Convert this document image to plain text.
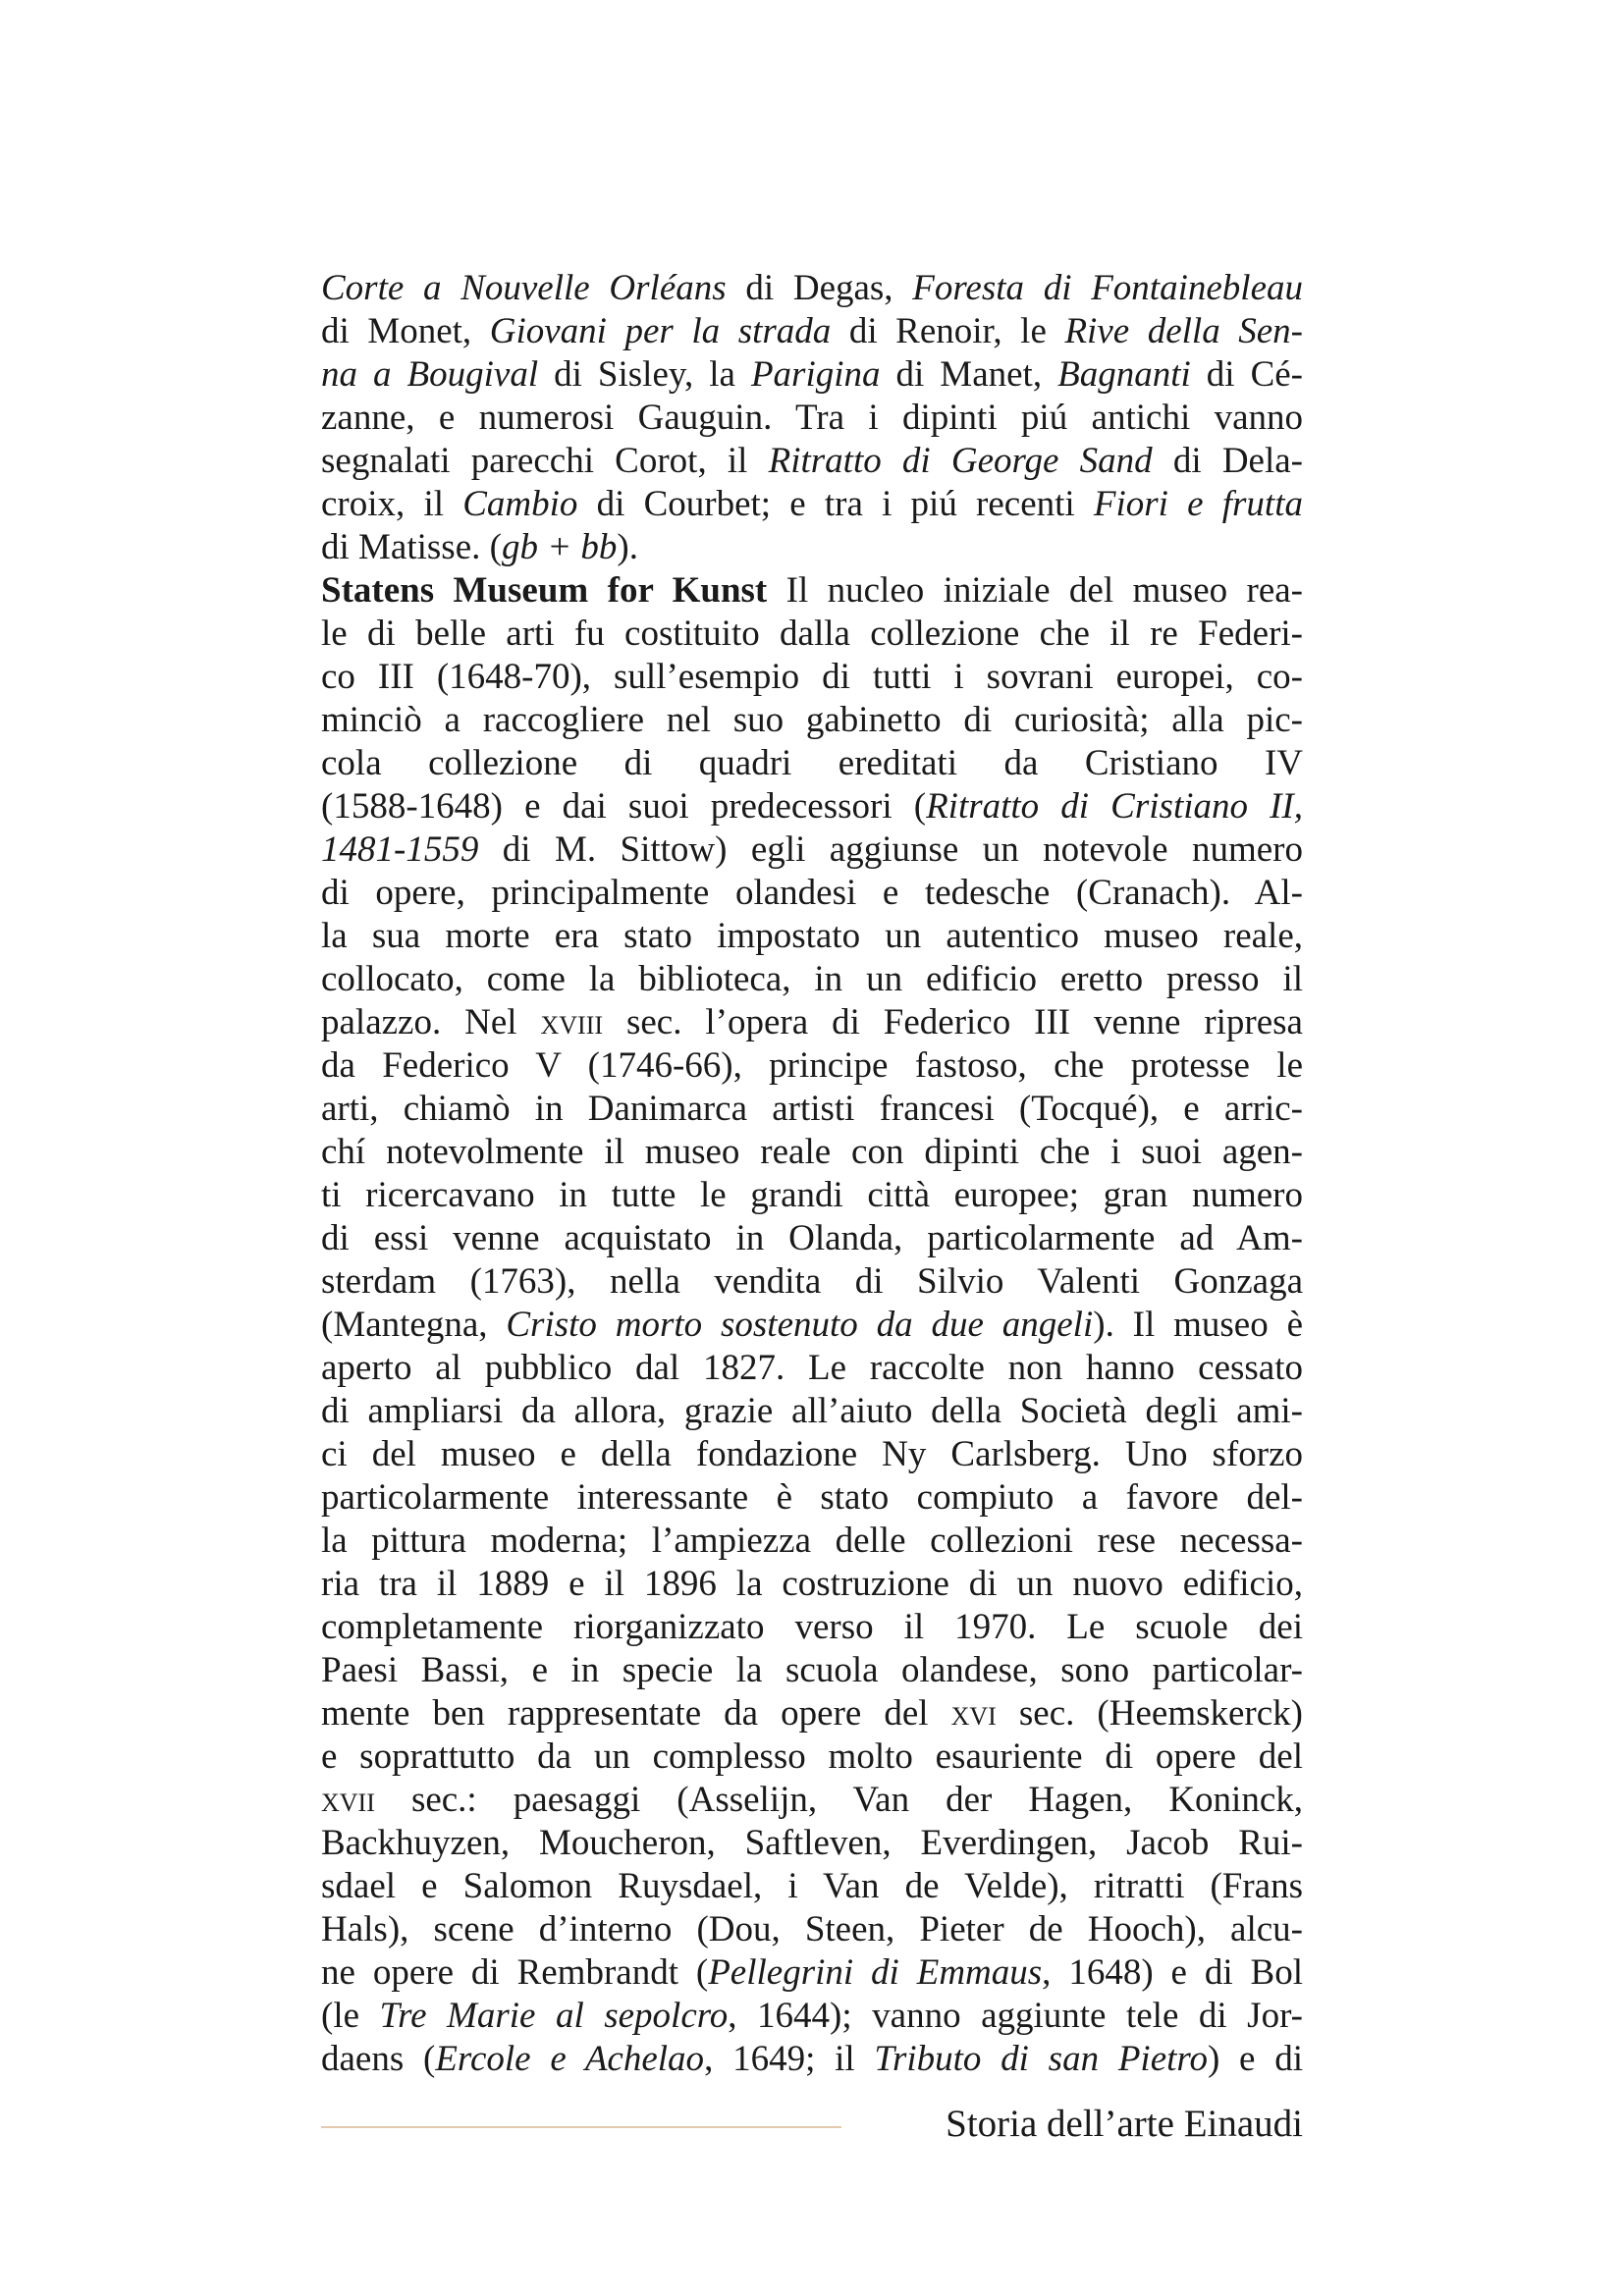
Corte a Nouvelle Orléans di Degas, Foresta di Fontainebleau
di Monet, Giovani per la strada di Renoir, le Rive della Sen-
na a Bougival di Sisley, la Parigina di Manet, Bagnanti di Cé-
zanne, e numerosi Gauguin. Tra i dipinti piú antichi vanno
segnalati parecchi Corot, il Ritratto di George Sand di Dela-
croix, il Cambio di Courbet; e tra i piú recenti Fiori e frutta
di Matisse. (gb + bb).

Statens Museum for Kunst Il nucleo iniziale del museo rea-
le di belle arti fu costituito dalla collezione che il re Federi-
co III (1648-70), sull’esempio di tutti i sovrani europei, co-
minciò a raccogliere nel suo gabinetto di curiosità; alla pic-
cola collezione di quadri ereditati da Cristiano IV
(1588-1648) e dai suoi predecessori (Ritratto di Cristiano II,
1481-1559 di M. Sittow) egli aggiunse un notevole numero
di opere, principalmente olandesi e tedesche (Cranach). Al-
la sua morte era stato impostato un autentico museo reale,
collocato, come la biblioteca, in un edificio eretto presso il
palazzo. Nel xviii sec. l’opera di Federico III venne ripresa
da Federico V (1746-66), principe fastoso, che protesse le
arti, chiamò in Danimarca artisti francesi (Tocqué), e arric-
chí notevolmente il museo reale con dipinti che i suoi agen-
ti ricercavano in tutte le grandi città europee; gran numero
di essi venne acquistato in Olanda, particolarmente ad Am-
sterdam (1763), nella vendita di Silvio Valenti Gonzaga
(Mantegna, Cristo morto sostenuto da due angeli). Il museo è
aperto al pubblico dal 1827. Le raccolte non hanno cessato
di ampliarsi da allora, grazie all’aiuto della Società degli ami-
ci del museo e della fondazione Ny Carlsberg. Uno sforzo
particolarmente interessante è stato compiuto a favore del-
la pittura moderna; l’ampiezza delle collezioni rese necessa-
ria tra il 1889 e il 1896 la costruzione di un nuovo edificio,
completamente riorganizzato verso il 1970. Le scuole dei
Paesi Bassi, e in specie la scuola olandese, sono particolar-
mente ben rappresentate da opere del xvi sec. (Heemskerck)
e soprattutto da un complesso molto esauriente di opere del
xvii sec.: paesaggi (Asselijn, Van der Hagen, Koninck,
Backhuyzen, Moucheron, Saftleven, Everdingen, Jacob Rui-
sdael e Salomon Ruysdael, i Van de Velde), ritratti (Frans
Hals), scene d’interno (Dou, Steen, Pieter de Hooch), alcu-
ne opere di Rembrandt (Pellegrini di Emmaus, 1648) e di Bol
(le Tre Marie al sepolcro, 1644); vanno aggiunte tele di Jor-
daens (Ercole e Achelao, 1649; il Tributo di san Pietro) e di

Storia dell’arte Einaudi
